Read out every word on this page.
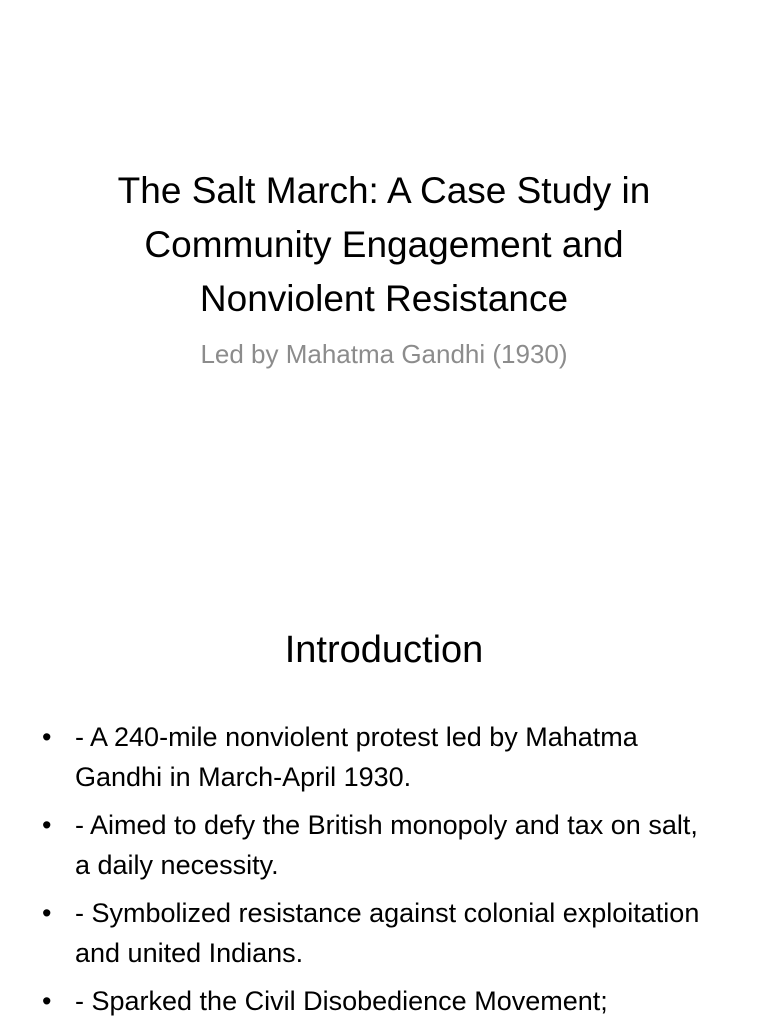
The Salt March: A Case Study in Community Engagement and Nonviolent Resistance
Led by Mahatma Gandhi (1930)
Introduction
• - A 240-mile nonviolent protest led by Mahatma Gandhi in March-April 1930.
• - Aimed to defy the British monopoly and tax on salt, a daily necessity.
• - Symbolized resistance against colonial exploitation and united Indians.
• - Sparked the Civil Disobedience Movement;
